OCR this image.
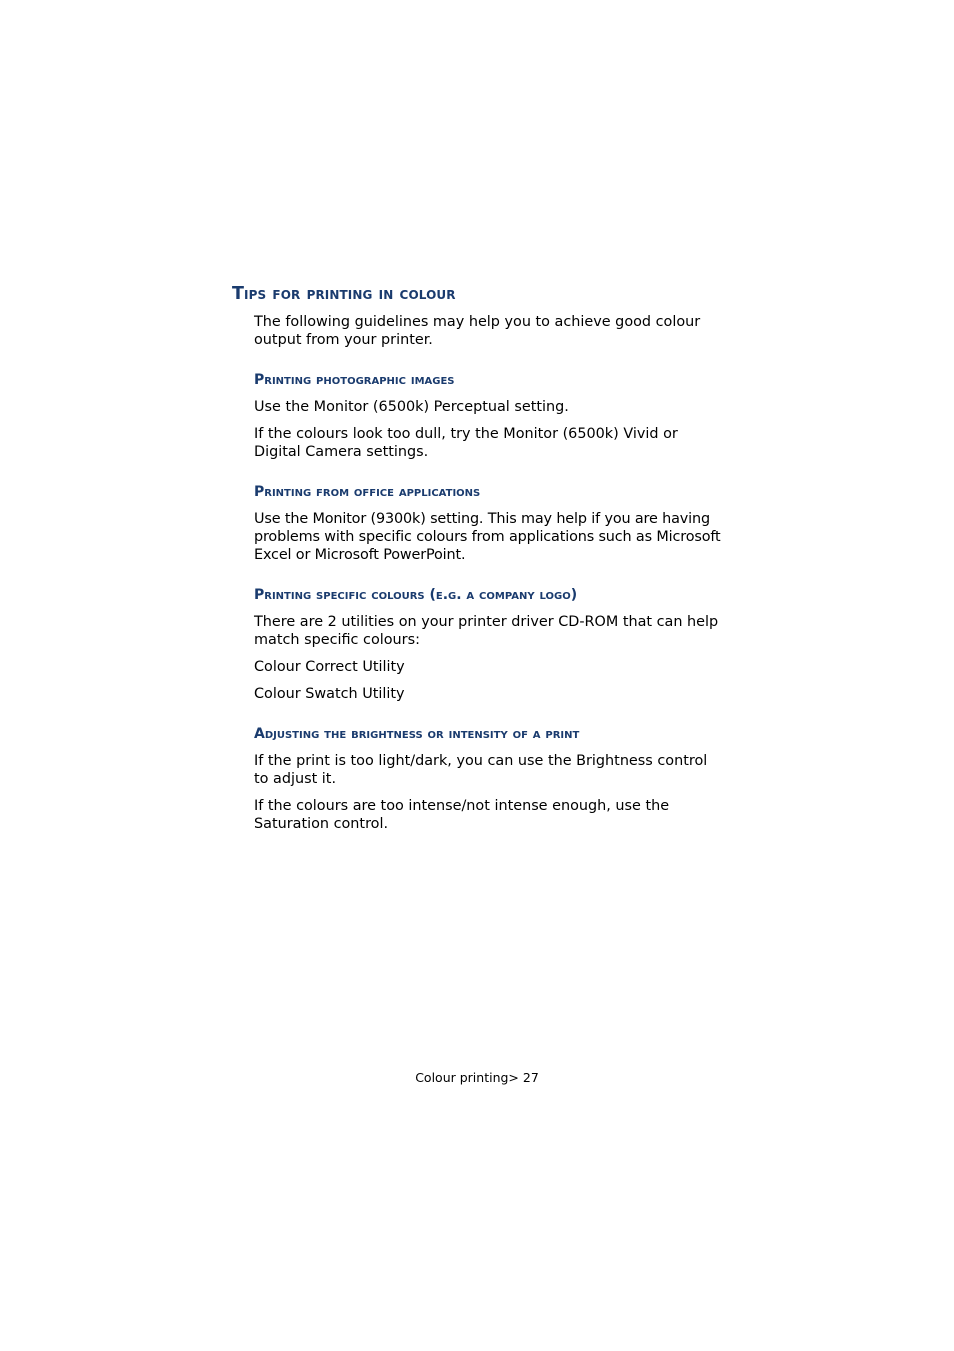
Tips for printing in colour

The following guidelines may help you to achieve good colour output from your printer.

Printing photographic images

Use the Monitor (6500k) Perceptual setting.

If the colours look too dull, try the Monitor (6500k) Vivid or Digital Camera settings.

Printing from office applications

Use the Monitor (9300k) setting. This may help if you are having problems with specific colours from applications such as Microsoft Excel or Microsoft PowerPoint.

Printing specific colours (e.g. a company logo)

There are 2 utilities on your printer driver CD-ROM that can help match specific colours:

Colour Correct Utility

Colour Swatch Utility

Adjusting the brightness or intensity of a print

If the print is too light/dark, you can use the Brightness control to adjust it.

If the colours are too intense/not intense enough, use the Saturation control.

Colour printing> 27
